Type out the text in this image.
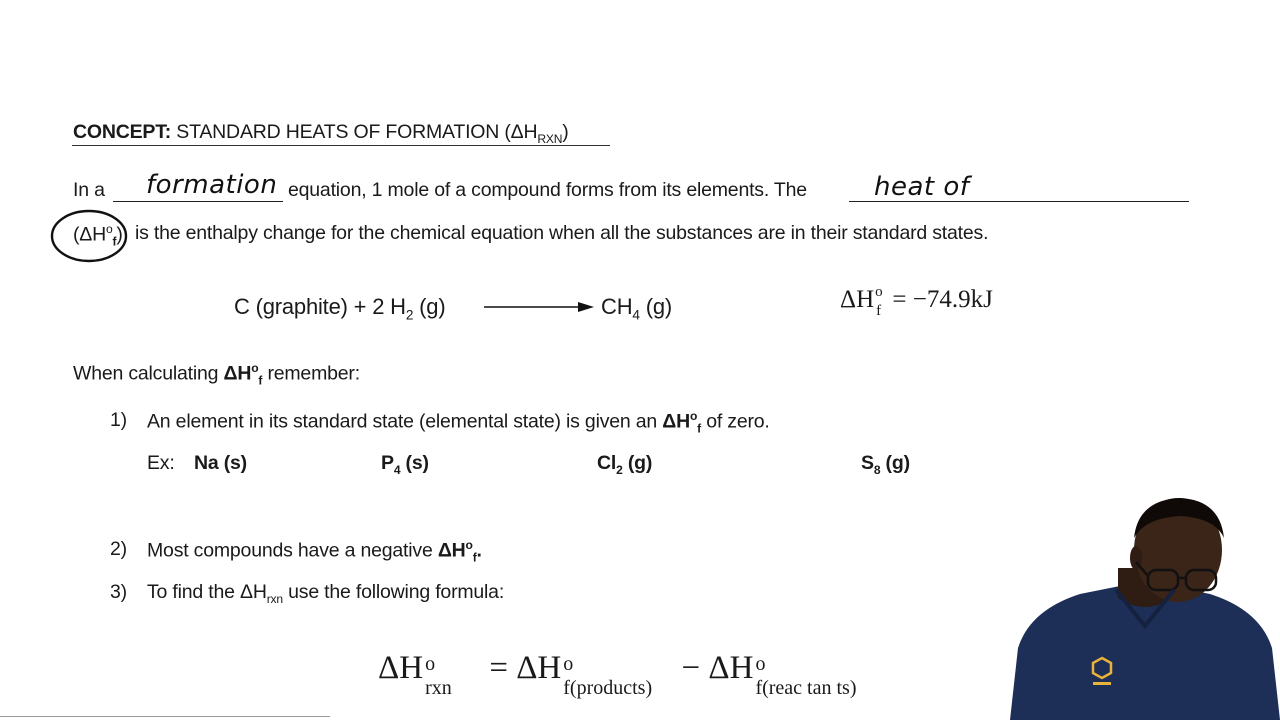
CONCEPT: STANDARD HEATS OF FORMATION $(\Delta H_{RXN})$
In a formation equation, 1 mole of a compound forms from its elements. The	heat of
$(\Delta H^o_f)$ is the enthalpy change for the chemical equation when all the substances are in their standard states.
C (graphite) + 2 $H_2$ (g)	$CH_4$ (g)	ΔH o
f = −74.9kJ
When calculating $\Delta H^o_f$ remember:
1) An element in its standard state (elemental state) is given an $\Delta H^o_f$ of zero.
Ex: Na (s)	$P_4$ (s)	$Cl_2$ (g)	$S_8$ (g)
2) Most compounds have a negative $\Delta H^o_f$.
3) To find the $\Delta H_{rxn}$ use the following formula:
ΔH o
rxn
= ΔH o
f(products)
− ΔH o
f(reac tan ts)
